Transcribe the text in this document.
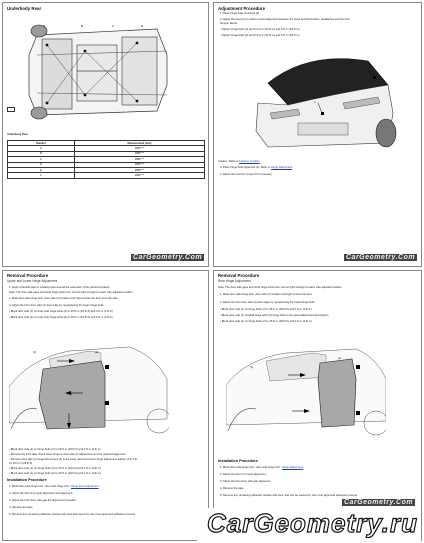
Underbody Rear
A	B	C	D
Underbody Rear
Number	Measurement (mm)
A	1888 ***
B	1888 ***
C	1888 ***
D	1888 ***
E	1888 ***
F	1888 ***
CarGeometry.Com
Adjustment Procedure
1. Place hinge bolts loosened (2).
2. Adjust the hood (1) to obtain correct alignment between the hood and the fenders, headlamps and the front
bumper fascia.
• Tighten hinge bolts (2) and 5.9 N·m (52 lb in) and 6 N·m (53 lb in)
• Tighten hinge bolts (2) and 5.9 N·m (52 lb in) and 6 N·m (53 lb in)
1
2
Caution: Refer to Fastener Caution
3. Place hinge bolts tightened (2). Refer to Hinge Adjustment
4. Adjust the hood for proper fit if necessary.
CarGeometry.Com
Removal Procedure
Upper and Lower Hinge Adjustment
1. Apply a flexible tape or masking tape around the perimeter of the painted surfaces.
Note: The door side gaps and hood hinge bolts from correct right enough to reach side adjusted position.
2. Mark door side hinge bolt - door side (3) location and right remove the door from the side.
3. Adjust the front door side (2) door edge by repositioning the lower hinge bolts.
• Block door side (1) on body side hinge bolts (2) to 25 N·m (18 lb ft) and 0 N·m (0 lb in)
• Block door side (1) on body side hinge bolts (2) to 25 N·m (18 lb ft) and 0 N·m (0 lb in)
(1)	(2)
(3)
• Block door side (1) on hinge bolts (2) to 25 N·m (18 lb ft) and 0 N·m (0 lb in)
• Remove the front door check lower hinge to door side (2) adjustment and the required alignment.
• Remove door side (1) hinge bolt access (4) to the body panel and lower hinge adjustment tighten (4 to 0 lb
in) 25 N·m (18 lb ft)
• Block door side (1) on hinge bolts (2) to 25 N·m (18 lb ft) and 0 N·m (0 lb in)
• Block door side (1) on hinge bolts (2) to 25 N·m (18 lb ft) and 0 N·m (0 lb in)
Installation Procedure
1. Block door side hinge bolt - door side hinge bolt - Hinge Door Adjustment
2. Adjust the door for proper alignment and alignment.
3. Adjust the front door side gap the alignment if needed.
4. Remove the tape.
5. Remove any remaining adhesive residue with care that cause by Use of an approved adhesive remover
Removal Procedure
Rear Hinge Adjustment
Note: The door side gaps and hood hinge bolts from correct right enough to reach side adjusted position.
1. Mark door side hinge bolt - door side (1) location and right remove the door.
2. Adjust the front door side (2) door edge by repositioning the lower hinge bolts.
• Block door side (1) on hinge bolts (2) to 25 N·m (18 lb ft) and 0 N·m (0 lb in)
• Block door side (1) reinstall hinge bolts (2) hinge bolts to the panel adjustment and tighten
• Block door side (1) on hinge bolts (2) to 25 N·m (18 lb ft) and 0 N·m (0 lb in)
(1)
(2)
Installation Procedure
1. Block door side hinge bolt - door side hinge bolt - Hinge Adjustment
2. Adjust the door for proper alignment.
3. Adjust the front door side gap alignment.
4. Remove the tape.
5. Remove any remaining adhesive residue with care, that can be caused by Use of an approved adhesive remover
CarGeometry.Com
CarGeometry.ru
